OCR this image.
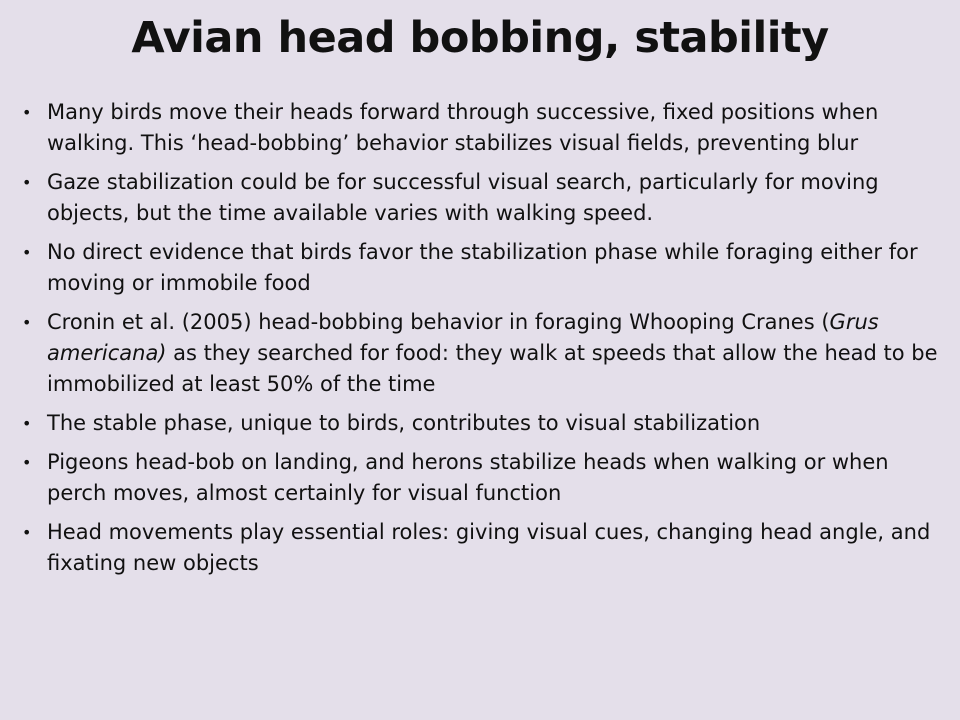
Avian head bobbing, stability
• Many birds move their heads forward through successive, fixed positions when walking. This ‘head-bobbing’ behavior stabilizes visual fields, preventing blur
• Gaze stabilization could be for successful visual search, particularly for moving objects, but the time available varies with walking speed.
• No direct evidence that birds favor the stabilization phase while foraging either for moving or immobile food
• Cronin et al. (2005) head-bobbing behavior in foraging Whooping Cranes (Grus americana) as they searched for food: they walk at speeds that allow the head to be immobilized at least 50% of the time
• The stable phase, unique to birds, contributes to visual stabilization
• Pigeons head-bob on landing, and herons stabilize heads when walking or when perch moves, almost certainly for visual function
• Head movements play essential roles: giving visual cues, changing head angle, and fixating new objects
